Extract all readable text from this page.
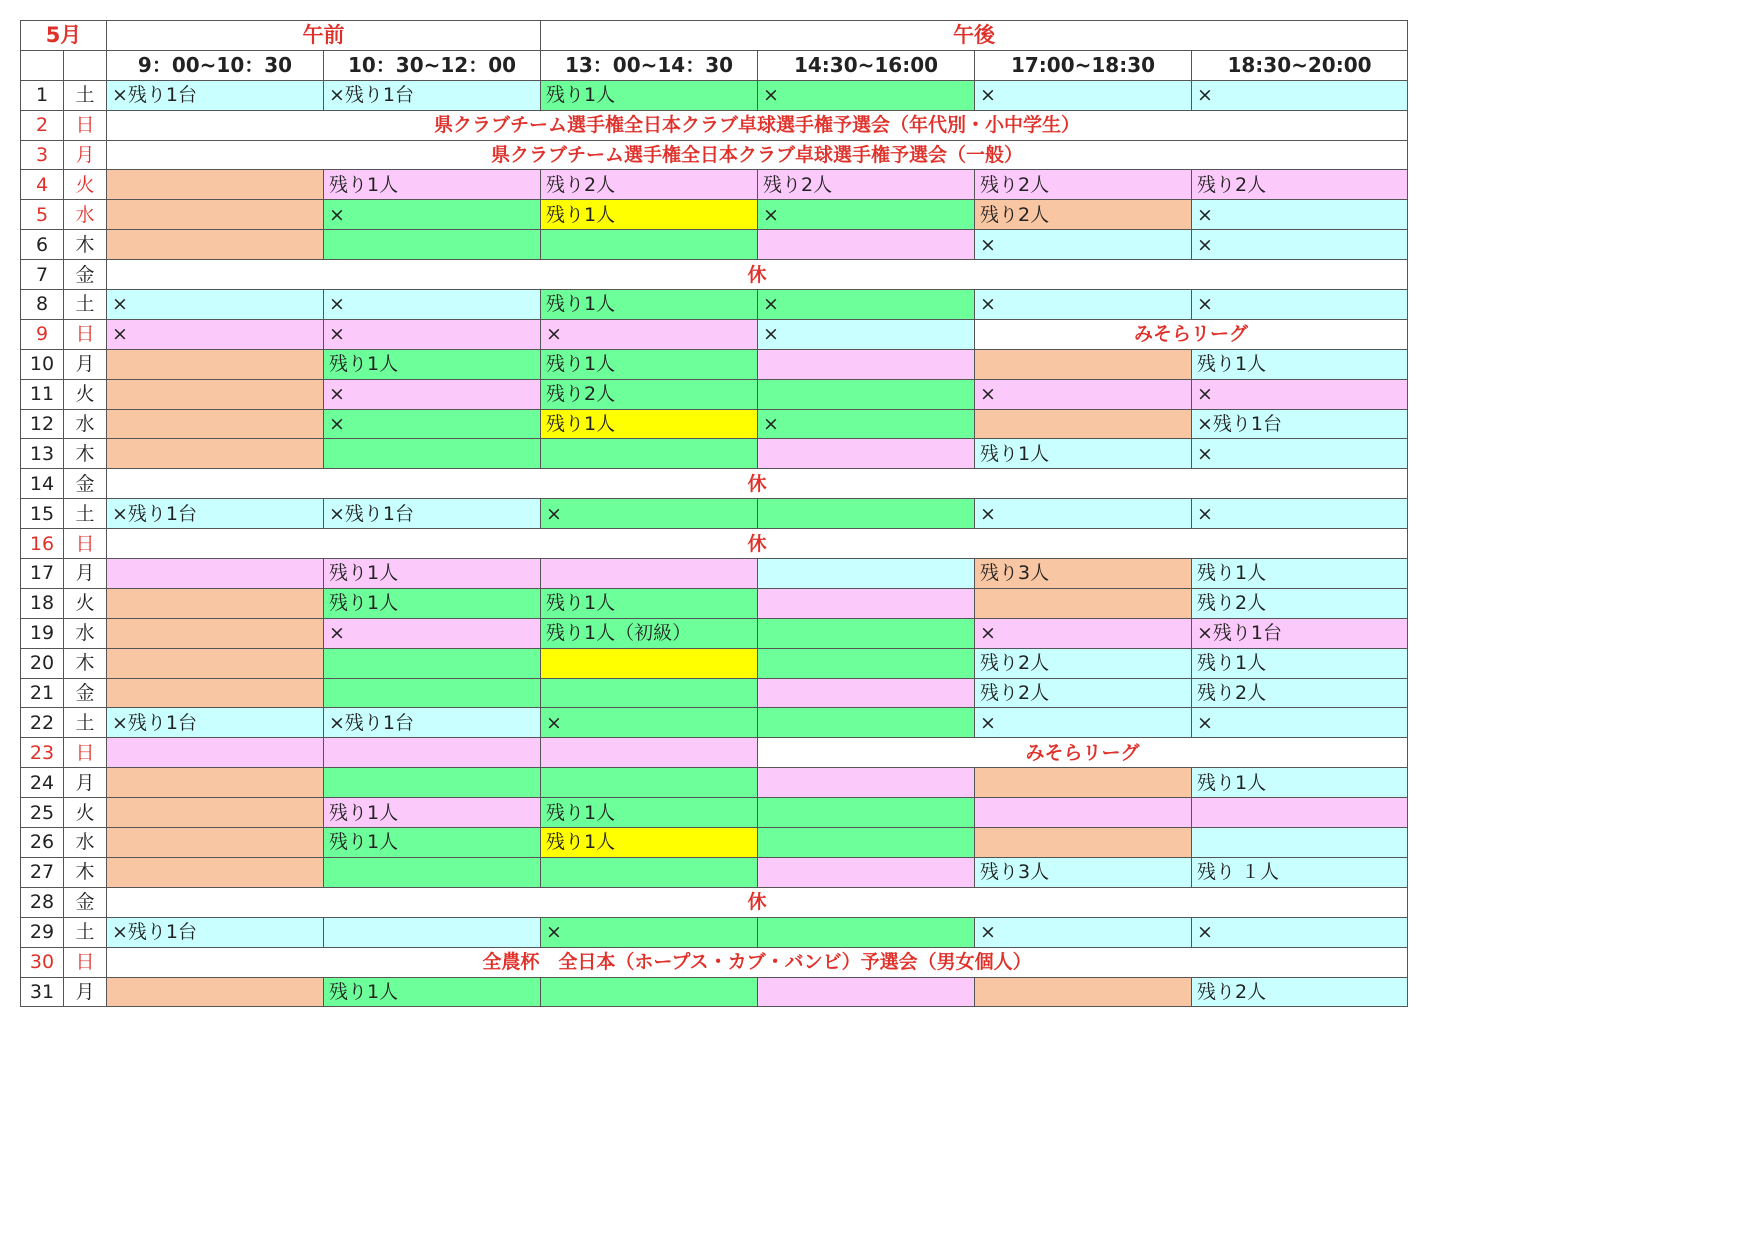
5月		午前		午後			
		9：00~10：30	10：30~12：00	13：00~14：30	14:30~16:00	17:00~18:30	18:30~20:00
1	土	×残り1台	×残り1台	残り1人	×	×	×
2	日	県クラブチーム選手権全日本クラブ卓球選手権予選会（年代別・小中学生）					
3	月	県クラブチーム選手権全日本クラブ卓球選手権予選会（一般）					
4	火		残り1人	残り2人	残り2人	残り2人	残り2人
5	水		×	残り1人	×	残り2人	×
6	木					×	×
7	金	休					
8	土	×	×	残り1人	×	×	×
9	日	×	×	×	×	みそらリーグ	
10	月		残り1人	残り1人			残り1人
11	火		×	残り2人		×	×
12	水		×	残り1人	×		×残り1台
13	木					残り1人	×
14	金	休					
15	土	×残り1台	×残り1台	×		×	×
16	日	休					
17	月		残り1人			残り3人	残り1人
18	火		残り1人	残り1人			残り2人
19	水		×	残り1人（初級）		×	×残り1台
20	木					残り2人	残り1人
21	金					残り2人	残り2人
22	土	×残り1台	×残り1台	×		×	×
23	日				みそらリーグ		
24	月						残り1人
25	火		残り1人	残り1人			
26	水		残り1人	残り1人			
27	木					残り3人	残り １人
28	金	休					
29	土	×残り1台		×		×	×
30	日	全農杯　全日本（ホープス・カブ・バンビ）予選会（男女個人）					
31	月		残り1人				残り2人
